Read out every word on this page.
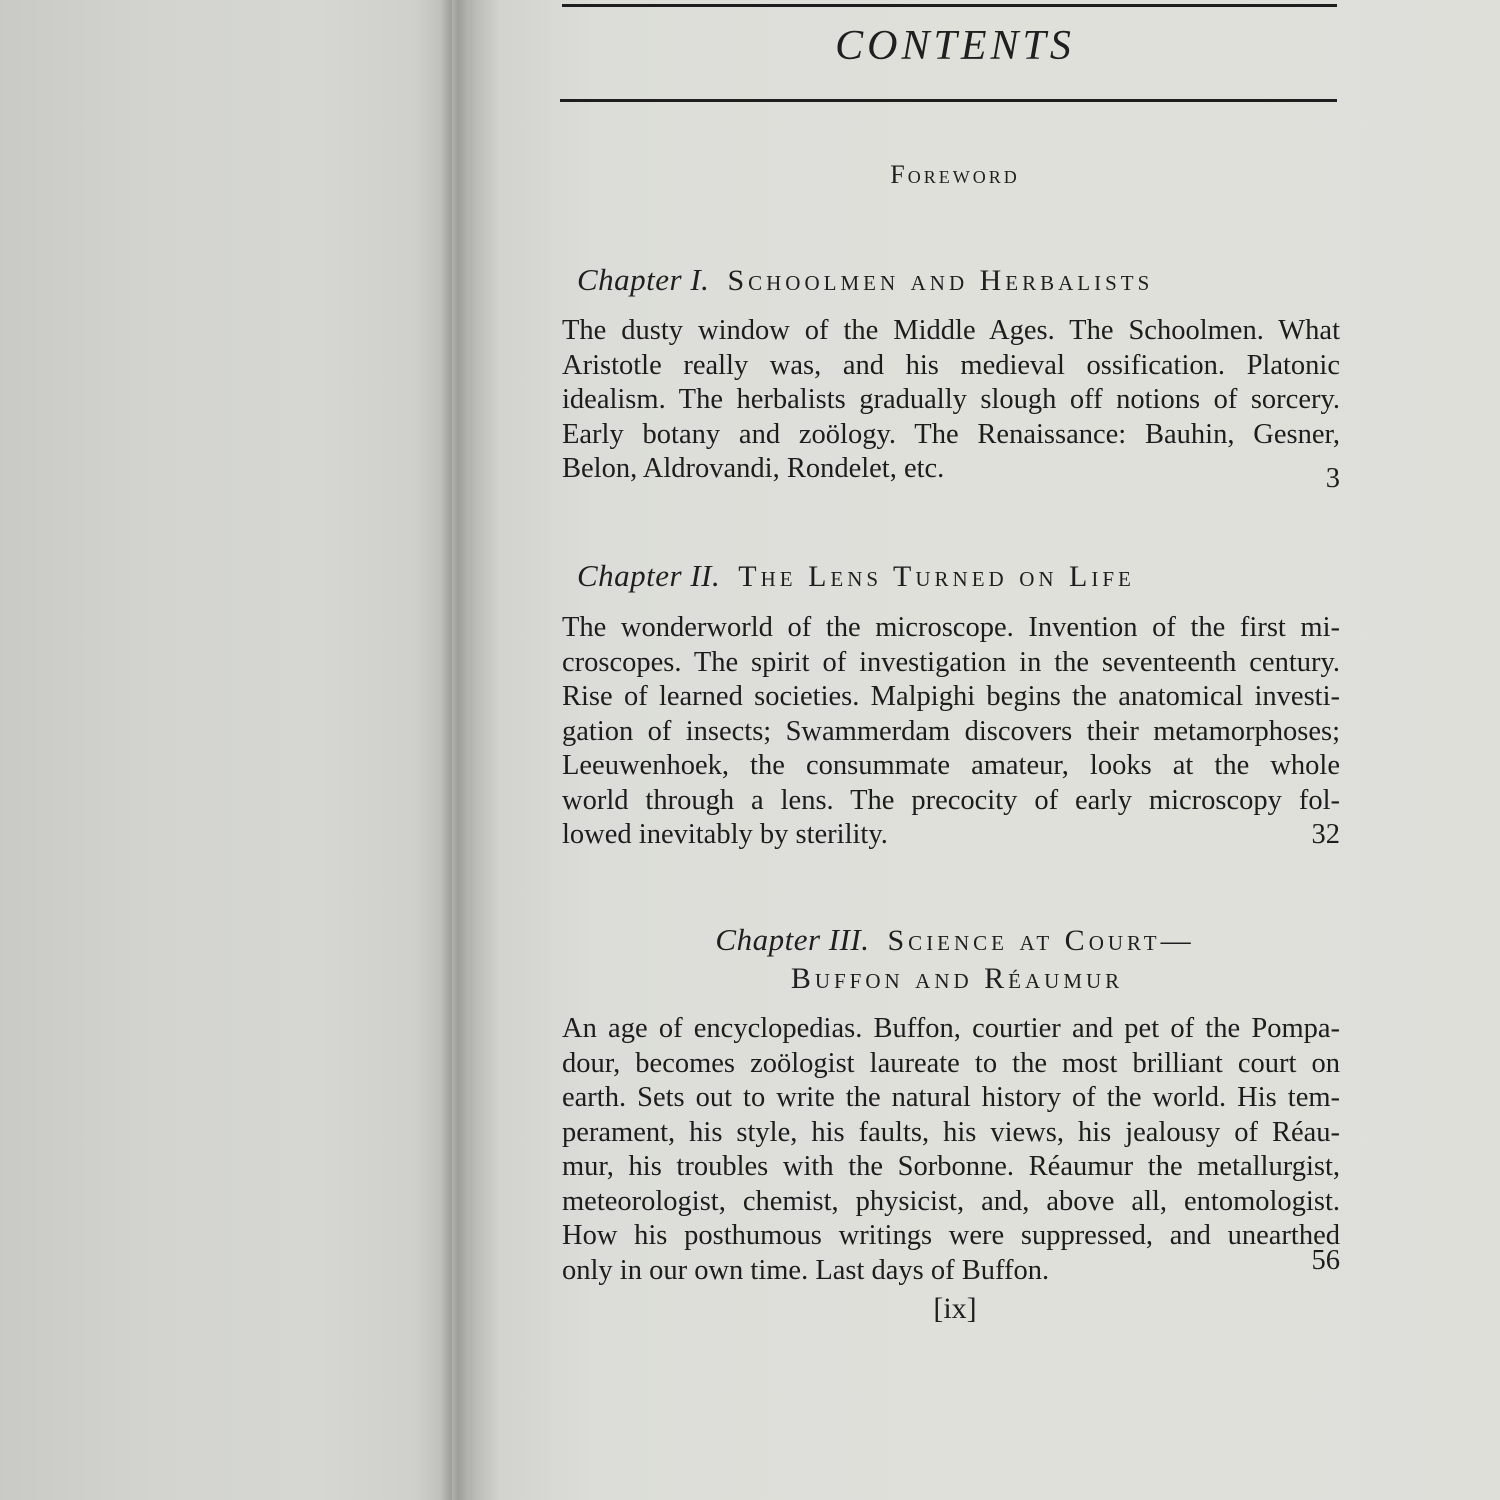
CONTENTS
Foreword
Chapter I. Schoolmen and Herbalists
The dusty window of the Middle Ages. The Schoolmen. What
Aristotle really was, and his medieval ossification. Platonic
idealism. The herbalists gradually slough off notions of sorcery.
Early botany and zoölogy. The Renaissance: Bauhin, Gesner,
Belon, Aldrovandi, Rondelet, etc.	3
Chapter II. The Lens Turned on Life
The wonderworld of the microscope. Invention of the first mi-
croscopes. The spirit of investigation in the seventeenth century.
Rise of learned societies. Malpighi begins the anatomical investi-
gation of insects; Swammerdam discovers their metamorphoses;
Leeuwenhoek, the consummate amateur, looks at the whole
world through a lens. The precocity of early microscopy fol-
lowed inevitably by sterility.	32
Chapter III. Science at Court—
Buffon and Réaumur
An age of encyclopedias. Buffon, courtier and pet of the Pompa-
dour, becomes zoölogist laureate to the most brilliant court on
earth. Sets out to write the natural history of the world. His tem-
perament, his style, his faults, his views, his jealousy of Réau-
mur, his troubles with the Sorbonne. Réaumur the metallurgist,
meteorologist, chemist, physicist, and, above all, entomologist.
How his posthumous writings were suppressed, and unearthed
only in our own time. Last days of Buffon.	56
[ix]
